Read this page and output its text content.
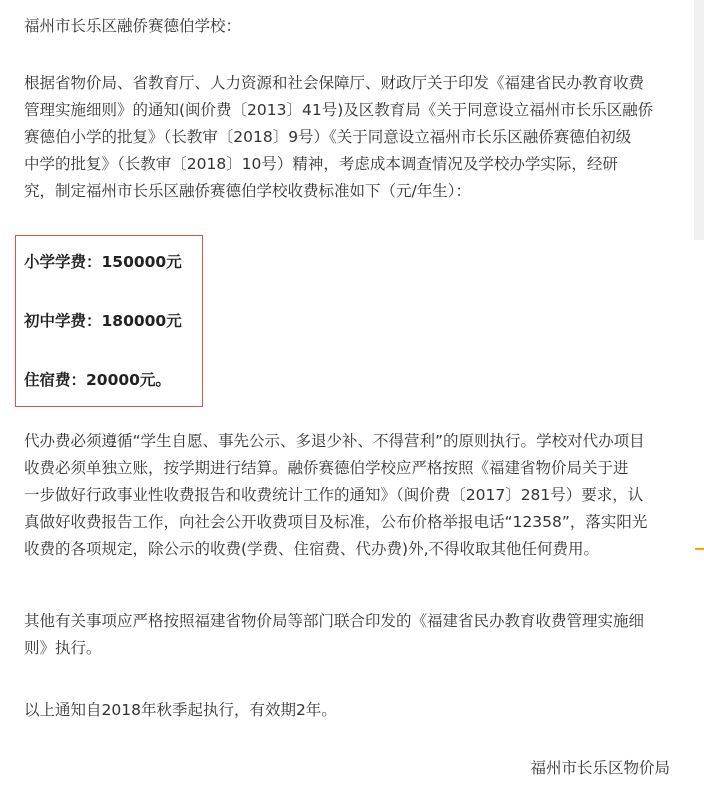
福州市长乐区融侨赛德伯学校：

根据省物价局、省教育厅、人力资源和社会保障厅、财政厅关于印发《福建省民办教育收费
管理实施细则》的通知(闽价费〔2013〕41号)及区教育局《关于同意设立福州市长乐区融侨
赛德伯小学的批复》（长教审〔2018〕9号）《关于同意设立福州市长乐区融侨赛德伯初级
中学的批复》（长教审〔2018〕10号）精神，考虑成本调查情况及学校办学实际，经研
究，制定福州市长乐区融侨赛德伯学校收费标准如下（元/年生）：

代办费必须遵循“学生自愿、事先公示、多退少补、不得营利”的原则执行。学校对代办项目
收费必须单独立账，按学期进行结算。融侨赛德伯学校应严格按照《福建省物价局关于进
一步做好行政事业性收费报告和收费统计工作的通知》（闽价费〔2017〕281号）要求，认
真做好收费报告工作，向社会公开收费项目及标准，公布价格举报电话“12358”，落实阳光
收费的各项规定，除公示的收费(学费、住宿费、代办费)外,不得收取其他任何费用。

其他有关事项应严格按照福建省物价局等部门联合印发的《福建省民办教育收费管理实施细
则》执行。

以上通知自2018年秋季起执行，有效期2年。

小学学费：150000元
初中学费：180000元
住宿费：20000元。
福州市长乐区物价局
